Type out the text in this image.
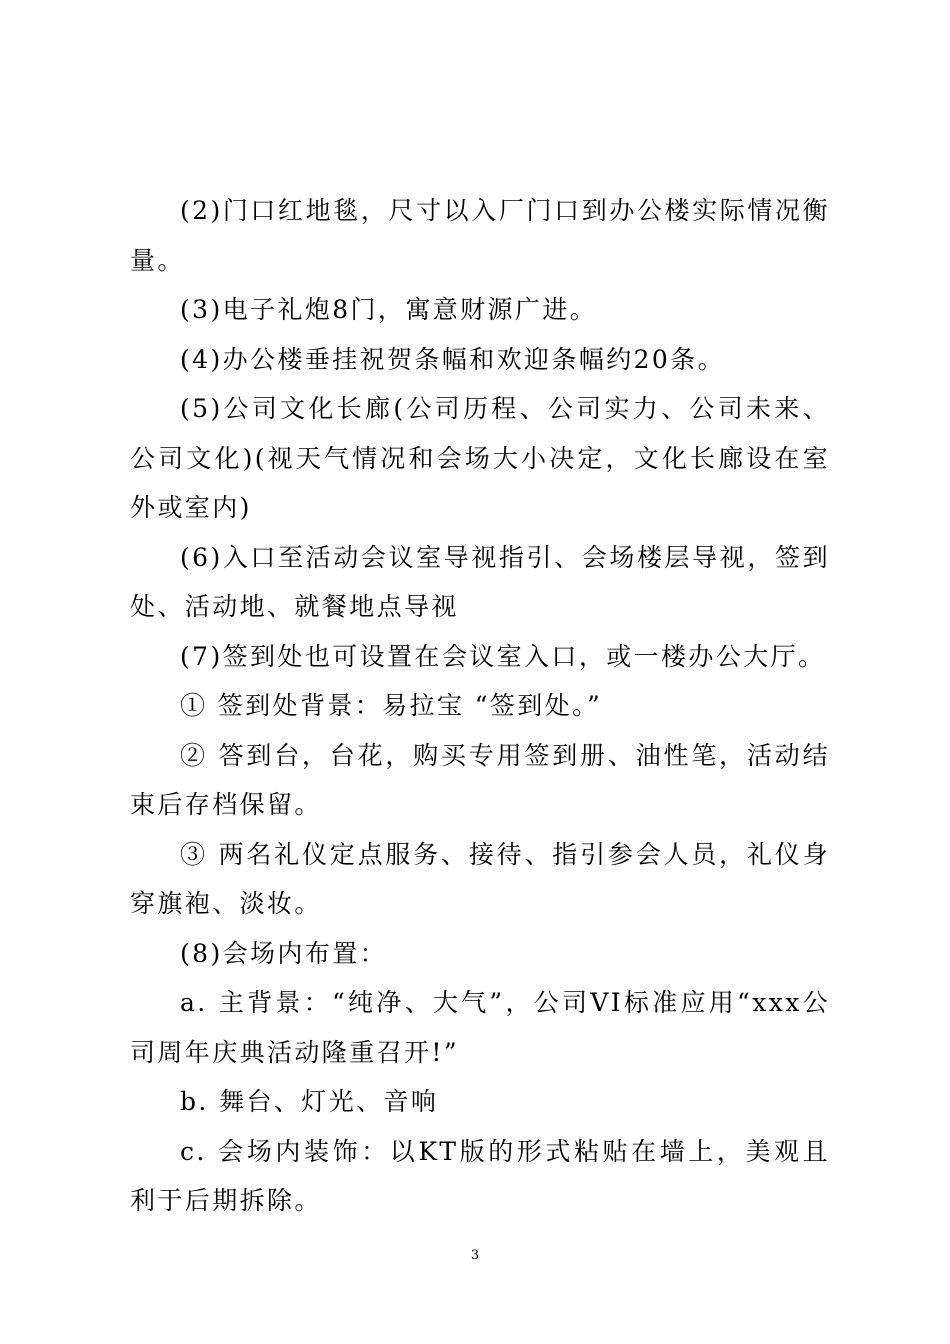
(2)门口红地毯，尺寸以入厂门口到办公楼实际情况衡量。

(3)电子礼炮8门，寓意财源广进。

(4)办公楼垂挂祝贺条幅和欢迎条幅约20条。

(5)公司文化长廊(公司历程、公司实力、公司未来、公司文化)(视天气情况和会场大小决定，文化长廊设在室外或室内)

(6)入口至活动会议室导视指引、会场楼层导视，签到处、活动地、就餐地点导视

(7)签到处也可设置在会议室入口，或一楼办公大厅。

① 签到处背景：易拉宝 “签到处。”

② 答到台，台花，购买专用签到册、油性笔，活动结束后存档保留。

③ 两名礼仪定点服务、接待、指引参会人员，礼仪身穿旗袍、淡妆。

(8)会场内布置：

a. 主背景：“纯净、大气”，公司VI标准应用“xxx公司周年庆典活动隆重召开!”

b. 舞台、灯光、音响

c. 会场内装饰：以KT版的形式粘贴在墙上，美观且利于后期拆除。

3
